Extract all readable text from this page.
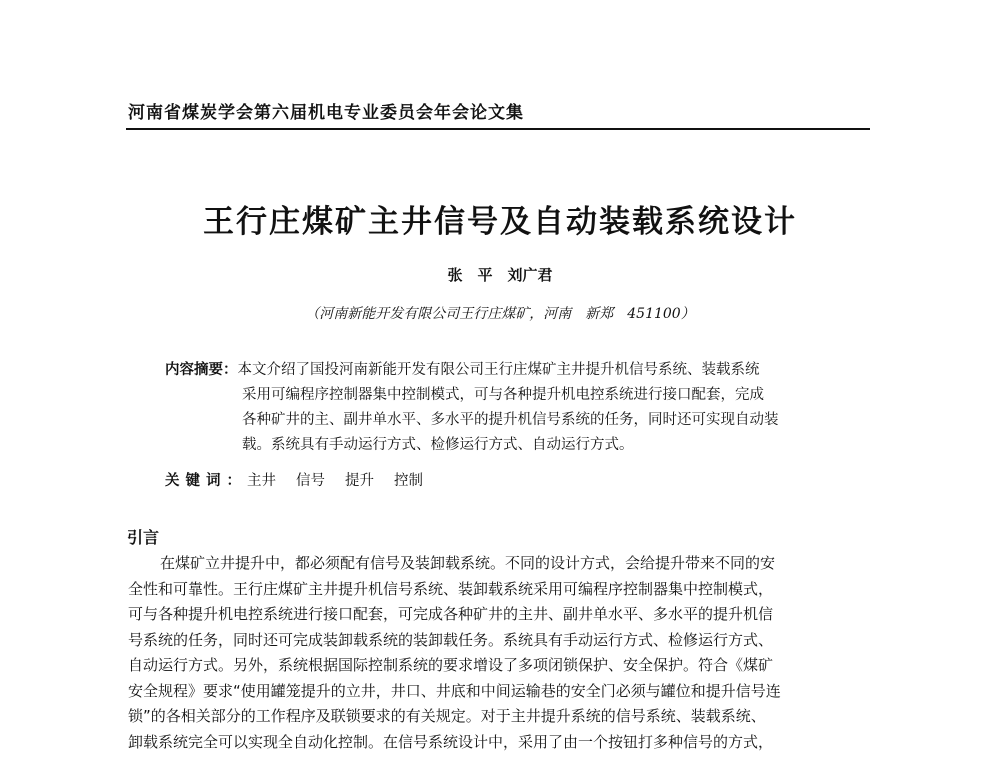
河南省煤炭学会第六届机电专业委员会年会论文集
王行庄煤矿主井信号及自动装载系统设计
张　平　刘广君
（河南新能开发有限公司王行庄煤矿，河南　新郑　451100）
内容摘要：本文介绍了国投河南新能开发有限公司王行庄煤矿主井提升机信号系统、装载系统
采用可编程序控制器集中控制模式，可与各种提升机电控系统进行接口配套，完成
各种矿井的主、副井单水平、多水平的提升机信号系统的任务，同时还可实现自动装
载。系统具有手动运行方式、检修运行方式、自动运行方式。
关键词：主井 信号 提升 控制
引言
在煤矿立井提升中，都必须配有信号及装卸载系统。不同的设计方式，会给提升带来不同的安
全性和可靠性。王行庄煤矿主井提升机信号系统、装卸载系统采用可编程序控制器集中控制模式，
可与各种提升机电控系统进行接口配套，可完成各种矿井的主井、副井单水平、多水平的提升机信
号系统的任务，同时还可完成装卸载系统的装卸载任务。系统具有手动运行方式、检修运行方式、
自动运行方式。另外，系统根据国际控制系统的要求增设了多项闭锁保护、安全保护。符合《煤矿
安全规程》要求“使用罐笼提升的立井，井口、井底和中间运输巷的安全门必须与罐位和提升信号连
锁”的各相关部分的工作程序及联锁要求的有关规定。对于主井提升系统的信号系统、装载系统、
卸载系统完全可以实现全自动化控制。在信号系统设计中，采用了由一个按钮打多种信号的方式，
